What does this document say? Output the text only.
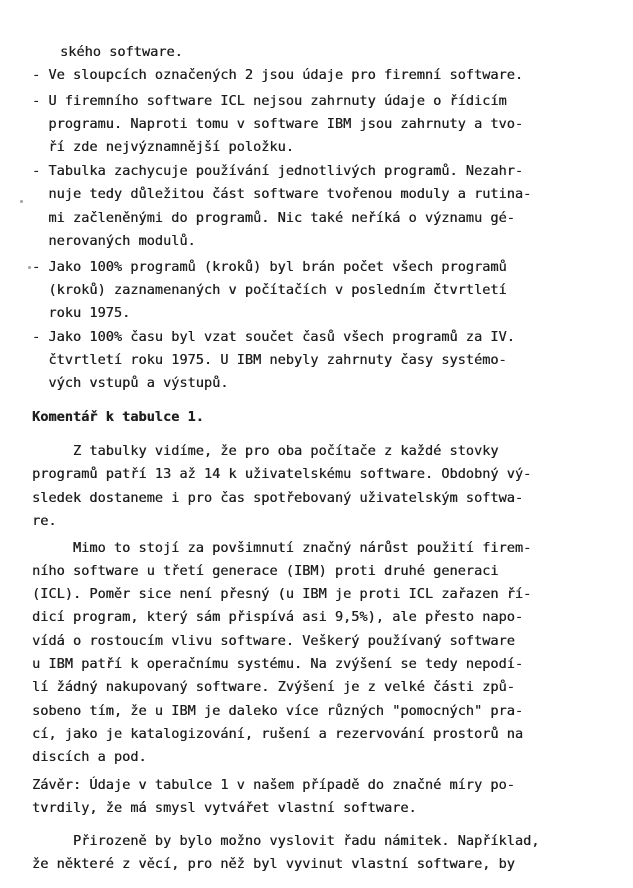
ského software.
- Ve sloupcích označených 2 jsou údaje pro firemní software.
- U firemního software ICL nejsou zahrnuty údaje o řídicím
programu. Naproti tomu v software IBM jsou zahrnuty a tvo-
ří zde nejvýznamnější položku.
- Tabulka zachycuje používání jednotlivých programů. Nezahr-
nuje tedy důležitou část software tvořenou moduly a rutina-
mi začleněnými do programů. Nic také neříká o významu gé-
nerovaných modulů.
- Jako 100% programů (kroků) byl brán počet všech programů
(kroků) zaznamenaných v počítačích v posledním čtvrtletí
roku 1975.
- Jako 100% času byl vzat součet časů všech programů za IV.
čtvrtletí roku 1975. U IBM nebyly zahrnuty časy systémo-
vých vstupů a výstupů.
Komentář k tabulce 1.
Z tabulky vidíme, že pro oba počítače z každé stovky
programů patří 13 až 14 k uživatelskému software. Obdobný vý-
sledek dostaneme i pro čas spotřebovaný uživatelským softwa-
re.
Mimo to stojí za povšimnutí značný nárůst použití firem-
ního software u třetí generace (IBM) proti druhé generaci
(ICL). Poměr sice není přesný (u IBM je proti ICL zařazen ří-
dicí program, který sám přispívá asi 9,5%), ale přesto napo-
vídá o rostoucím vlivu software. Veškerý používaný software
u IBM patří k operačnímu systému. Na zvýšení se tedy nepodí-
lí žádný nakupovaný software. Zvýšení je z velké části způ-
sobeno tím, že u IBM je daleko více různých "pomocných" pra-
cí, jako je katalogizování, rušení a rezervování prostorů na
discích a pod.
Závěr: Údaje v tabulce 1 v našem případě do značné míry po-
tvrdily, že má smysl vytvářet vlastní software.
Přirozeně by bylo možno vyslovit řadu námitek. Například,
že některé z věcí, pro něž byl vyvinut vlastní software, by
